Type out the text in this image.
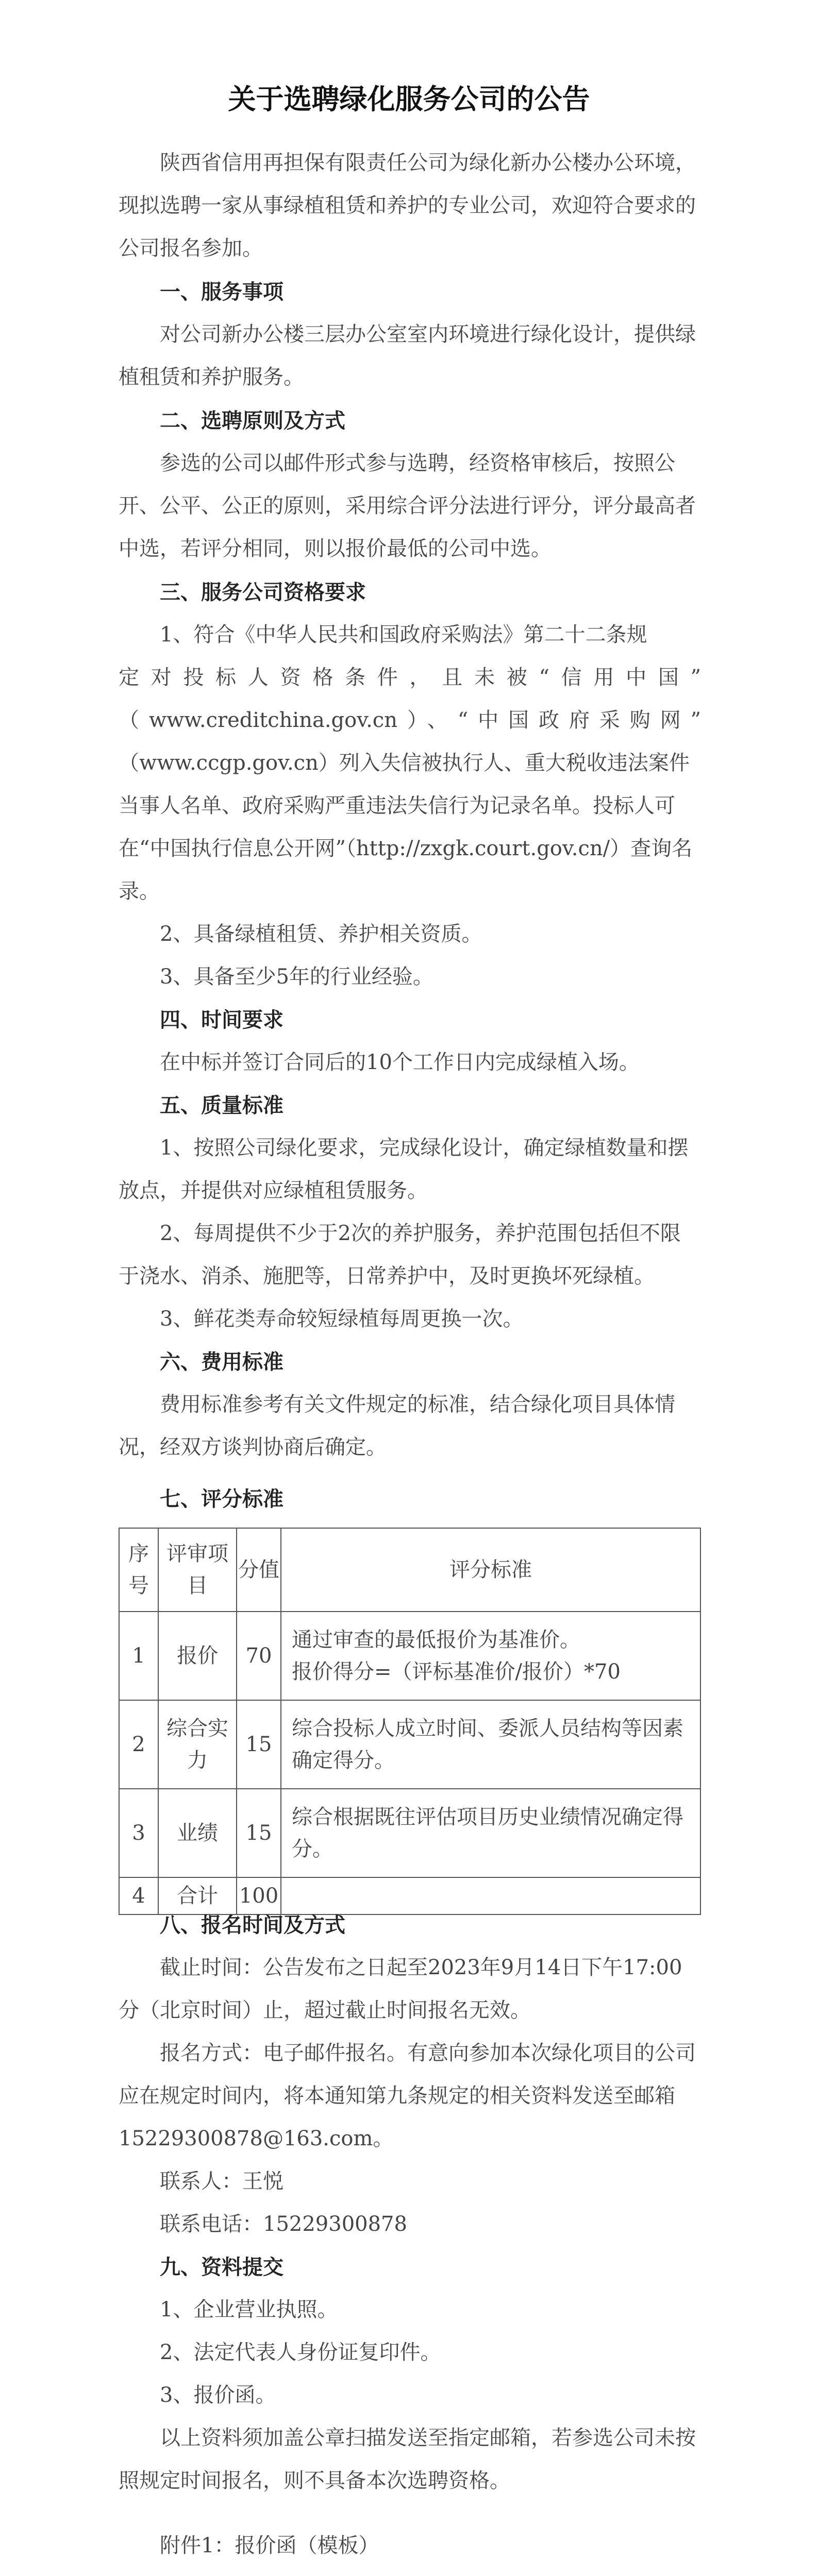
关于选聘绿化服务公司的公告

陕西省信用再担保有限责任公司为绿化新办公楼办公环境，现拟选聘一家从事绿植租赁和养护的专业公司，欢迎符合要求的公司报名参加。

一、服务事项

对公司新办公楼三层办公室室内环境进行绿化设计，提供绿植租赁和养护服务。

二、选聘原则及方式

参选的公司以邮件形式参与选聘，经资格审核后，按照公开、公平、公正的原则，采用综合评分法进行评分，评分最高者中选，若评分相同，则以报价最低的公司中选。

三、服务公司资格要求

1、符合《中华人民共和国政府采购法》第二十二条规

定对投标人资格条件，且未被“信用中国”

（www.creditchina.gov.cn）、“中国政府采购网”

（www.ccgp.gov.cn）列入失信被执行人、重大税收违法案件当事人名单、政府采购严重违法失信行为记录名单。投标人可在“中国执行信息公开网”（http://zxgk.court.gov.cn/）查询名录。

2、具备绿植租赁、养护相关资质。

3、具备至少5年的行业经验。

四、时间要求

在中标并签订合同后的10个工作日内完成绿植入场。

五、质量标准

1、按照公司绿化要求，完成绿化设计，确定绿植数量和摆放点，并提供对应绿植租赁服务。

2、每周提供不少于2次的养护服务，养护范围包括但不限于浇水、消杀、施肥等，日常养护中，及时更换坏死绿植。

3、鲜花类寿命较短绿植每周更换一次。

六、费用标准

费用标准参考有关文件规定的标准，结合绿化项目具体情况，经双方谈判协商后确定。

七、评分标准

序号	评审项目	分值	评分标准
1	报价	70	通过审查的最低报价为基准价。
报价得分=（评标基准价/报价）*70

2	综合实力	15	综合投标人成立时间、委派人员结构等因素确定得分。
3	业绩	15	综合根据既往评估项目历史业绩情况确定得分。
4	合计	100	

八、报名时间及方式

截止时间：公告发布之日起至2023年9月14日下午17:00分（北京时间）止，超过截止时间报名无效。

报名方式：电子邮件报名。有意向参加本次绿化项目的公司应在规定时间内，将本通知第九条规定的相关资料发送至邮箱15229300878@163.com。

联系人：王悦

联系电话：15229300878

九、资料提交

1、企业营业执照。

2、法定代表人身份证复印件。

3、报价函。

以上资料须加盖公章扫描发送至指定邮箱，若参选公司未按照规定时间报名，则不具备本次选聘资格。

附件1：报价函（模板）
